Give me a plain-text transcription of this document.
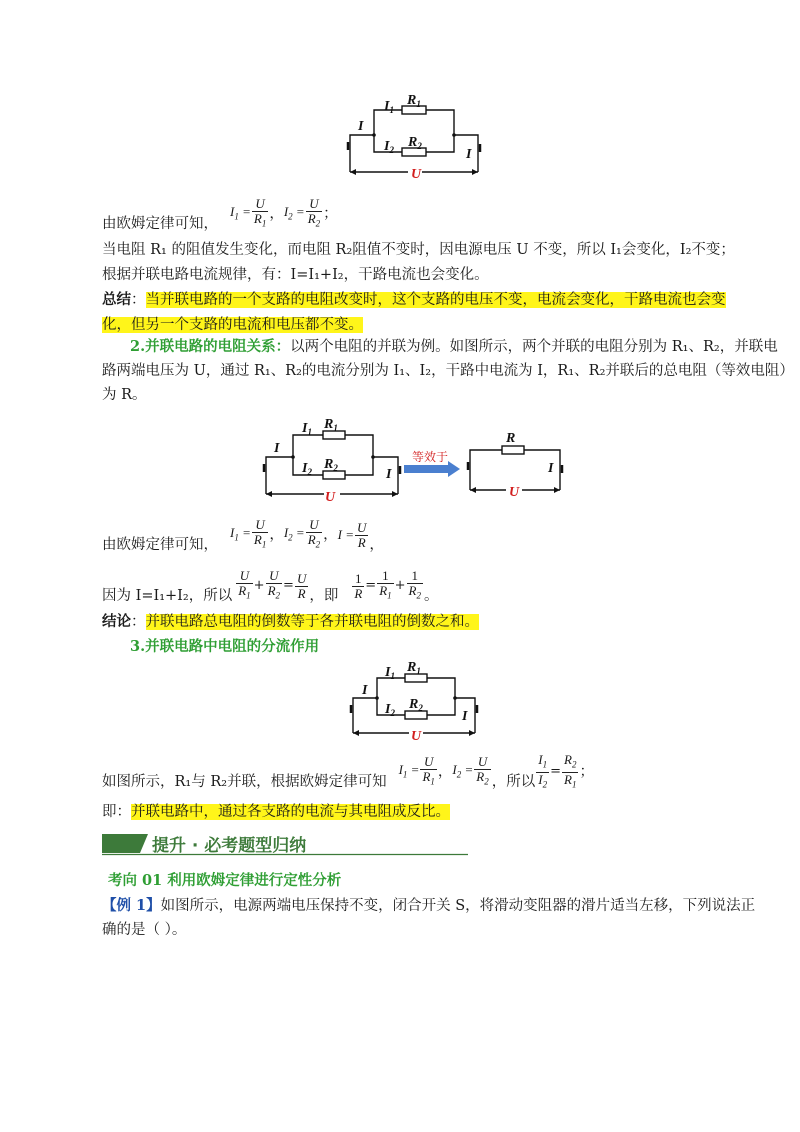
$R_1$
$R_2$
$I_1$
$I_2$
I
I
U
由欧姆定律可知，
$I_1 = \frac{U}{R_1}$ ， $I_2 = \frac{U}{R_2}$ ；
当电阻 R₁ 的阻值发生变化，而电阻 R₂阻值不变时，因电源电压 U 不变，所以 I₁会变化，I₂不变；
根据并联电路电流规律，有：I=I₁+I₂，干路电流也会变化。
总结：当并联电路的一个支路的电阻改变时，这个支路的电压不变，电流会变化，干路电流也会变
化，但另一个支路的电流和电压都不变。
2.并联电路的电阻关系：以两个电阻的并联为例。如图所示，两个并联的电阻分别为 R₁、R₂，并联电
路两端电压为 U，通过 R₁、R₂的电流分别为 I₁、I₂，干路中电流为 I，R₁、R₂并联后的总电阻（等效电阻）
为 R。
$R_1$
$R_2$
$I_1$
$I_2$
I
I
U
等效于
R
I
U
由欧姆定律可知，
$I_1 = \frac{U}{R_1}$ ， $I_2 = \frac{U}{R_2}$ ， $I = \frac{U}{R}$ ，
因为 I=I₁+I₂，所以 $\frac{U}{R_1} + \frac{U}{R_2} = \frac{U}{R}$ ，即 $\frac{1}{R} = \frac{1}{R_1} + \frac{1}{R_2}$ 。
结论：并联电路总电阻的倒数等于各并联电阻的倒数之和。
3.并联电路中电阻的分流作用
$R_1$
$R_2$
$I_1$
$I_2$
I
I
U
如图所示，R₁与 R₂并联，根据欧姆定律可知
$I_1 = \frac{U}{R_1}$ ， $I_2 = \frac{U}{R_2}$ ，所以 $\frac{I_1}{I_2} = \frac{R_2}{R_1}$ ；
即：并联电路中，通过各支路的电流与其电阻成反比。
提升 · 必考题型归纳
考向 01 利用欧姆定律进行定性分析
【例 1】如图所示，电源两端电压保持不变，闭合开关 S，将滑动变阻器的滑片适当左移，下列说法正
确的是（ ）。
